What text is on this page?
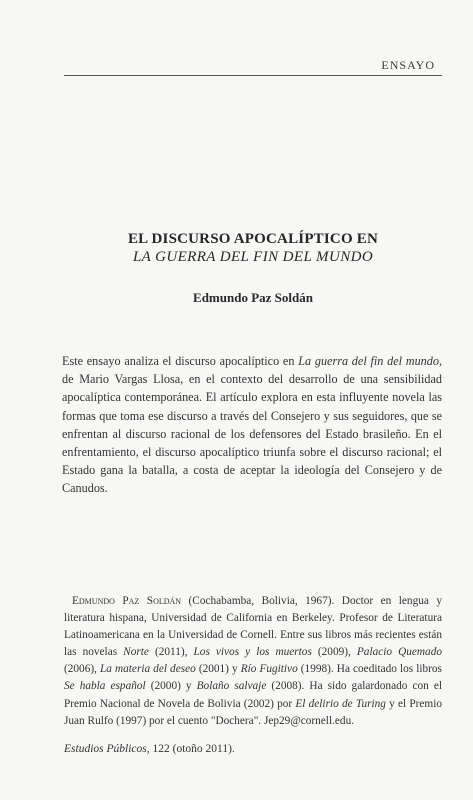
ENSAYO
EL DISCURSO APOCALÍPTICO EN
LA GUERRA DEL FIN DEL MUNDO
Edmundo Paz Soldán
Este ensayo analiza el discurso apocalíptico en La guerra del fin del mundo, de Mario Vargas Llosa, en el contexto del desarrollo de una sensibilidad apocalíptica contemporánea. El artículo explora en esta influyente novela las formas que toma ese discurso a través del Consejero y sus seguidores, que se enfrentan al discurso racional de los defensores del Estado brasileño. En el enfrentamiento, el discurso apocalíptico triunfa sobre el discurso racional; el Estado gana la batalla, a costa de aceptar la ideología del Consejero y de Canudos.
Edmundo Paz Soldán (Cochabamba, Bolivia, 1967). Doctor en lengua y literatura hispana, Universidad de California en Berkeley. Profesor de Literatura Latinoamericana en la Universidad de Cornell. Entre sus libros más recientes están las novelas Norte (2011), Los vivos y los muertos (2009), Palacio Quemado (2006), La materia del deseo (2001) y Río Fugitivo (1998). Ha coeditado los libros Se habla español (2000) y Bolaño salvaje (2008). Ha sido galardonado con el Premio Nacional de Novela de Bolivia (2002) por El delirio de Turing y el Premio Juan Rulfo (1997) por el cuento "Dochera". Jep29@cornell.edu.
Estudios Públicos, 122 (otoño 2011).
